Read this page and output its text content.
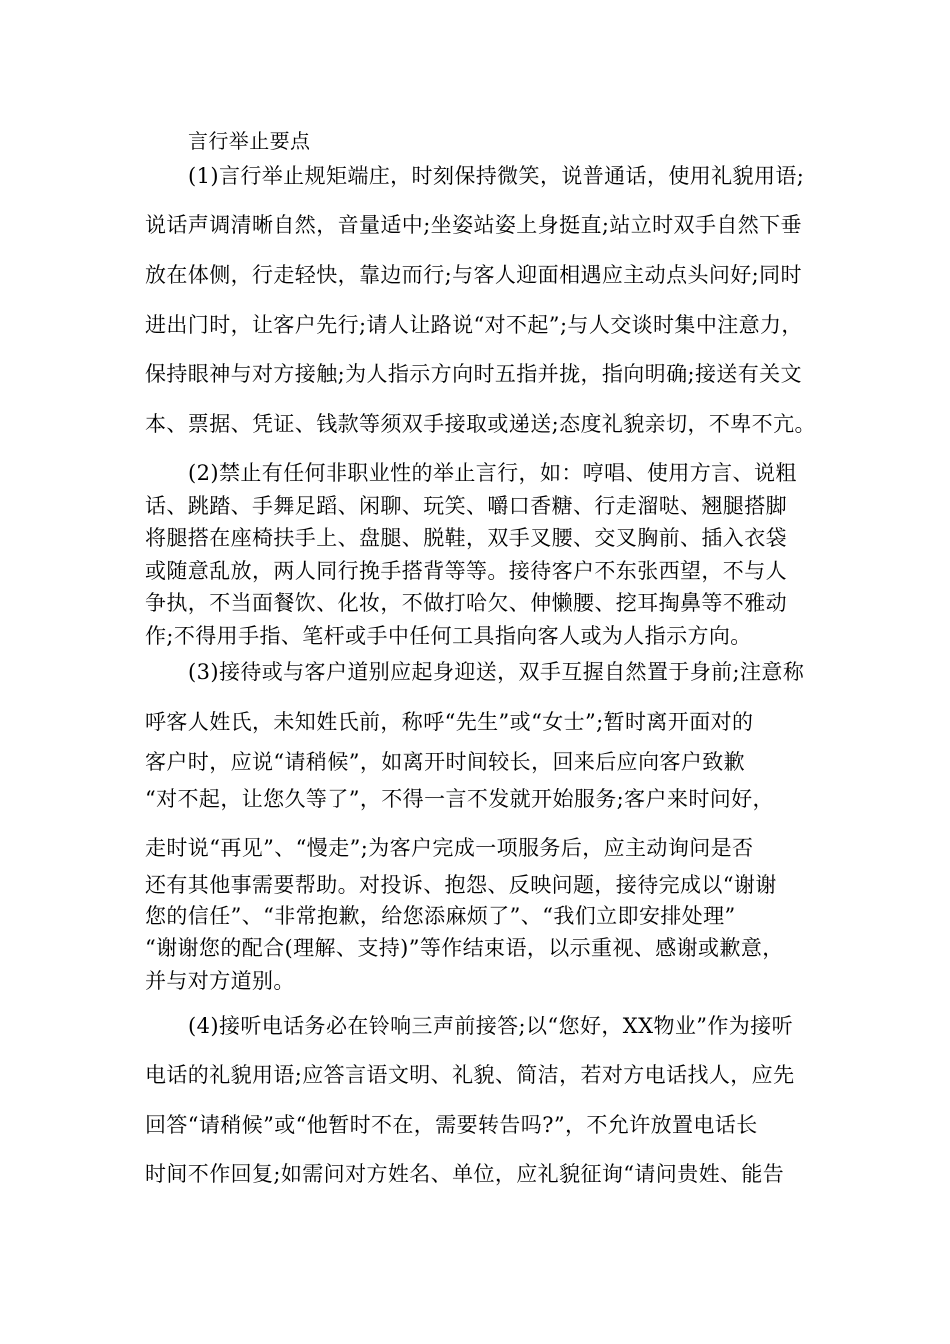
言行举止要点
(1)言行举止规矩端庄，时刻保持微笑，说普通话，使用礼貌用语;
说话声调清晰自然，音量适中;坐姿站姿上身挺直;站立时双手自然下垂
放在体侧，行走轻快，靠边而行;与客人迎面相遇应主动点头问好;同时
进出门时，让客户先行;请人让路说“对不起”;与人交谈时集中注意力，
保持眼神与对方接触;为人指示方向时五指并拢，指向明确;接送有关文
本、票据、凭证、钱款等须双手接取或递送;态度礼貌亲切，不卑不亢。
(2)禁止有任何非职业性的举止言行，如：哼唱、使用方言、说粗
话、跳踏、手舞足蹈、闲聊、玩笑、嚼口香糖、行走溜哒、翘腿搭脚
将腿搭在座椅扶手上、盘腿、脱鞋，双手叉腰、交叉胸前、插入衣袋
或随意乱放，两人同行挽手搭背等等。接待客户不东张西望，不与人
争执，不当面餐饮、化妆，不做打哈欠、伸懒腰、挖耳掏鼻等不雅动
作;不得用手指、笔杆或手中任何工具指向客人或为人指示方向。
(3)接待或与客户道别应起身迎送，双手互握自然置于身前;注意称
呼客人姓氏，未知姓氏前，称呼“先生”或“女士”;暂时离开面对的
客户时，应说“请稍候”，如离开时间较长，回来后应向客户致歉
“对不起，让您久等了”，不得一言不发就开始服务;客户来时问好，
走时说“再见”、“慢走”;为客户完成一项服务后，应主动询问是否
还有其他事需要帮助。对投诉、抱怨、反映问题，接待完成以“谢谢
您的信任”、“非常抱歉，给您添麻烦了”、“我们立即安排处理”
“谢谢您的配合(理解、支持)”等作结束语，以示重视、感谢或歉意，
并与对方道别。
(4)接听电话务必在铃响三声前接答;以“您好，XX物业”作为接听
电话的礼貌用语;应答言语文明、礼貌、简洁，若对方电话找人，应先
回答“请稍候”或“他暂时不在，需要转告吗?”，不允许放置电话长
时间不作回复;如需问对方姓名、单位，应礼貌征询“请问贵姓、能告
